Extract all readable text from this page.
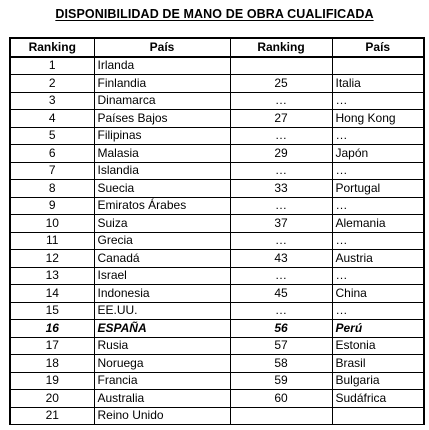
DISPONIBILIDAD DE MANO DE OBRA CUALIFICADA
Ranking	País	Ranking	País
1	Irlanda		
2	Finlandia	25	Italia
3	Dinamarca	…	…
4	Países Bajos	27	Hong Kong
5	Filipinas	…	…
6	Malasia	29	Japón
7	Islandia	…	…
8	Suecia	33	Portugal
9	Emiratos Árabes	…	…
10	Suiza	37	Alemania
11	Grecia	…	…
12	Canadá	43	Austria
13	Israel	…	…
14	Indonesia	45	China
15	EE.UU.	…	…
16	ESPAÑA	56	Perú
17	Rusia	57	Estonia
18	Noruega	58	Brasil
19	Francia	59	Bulgaria
20	Australia	60	Sudáfrica
21	Reino Unido		
